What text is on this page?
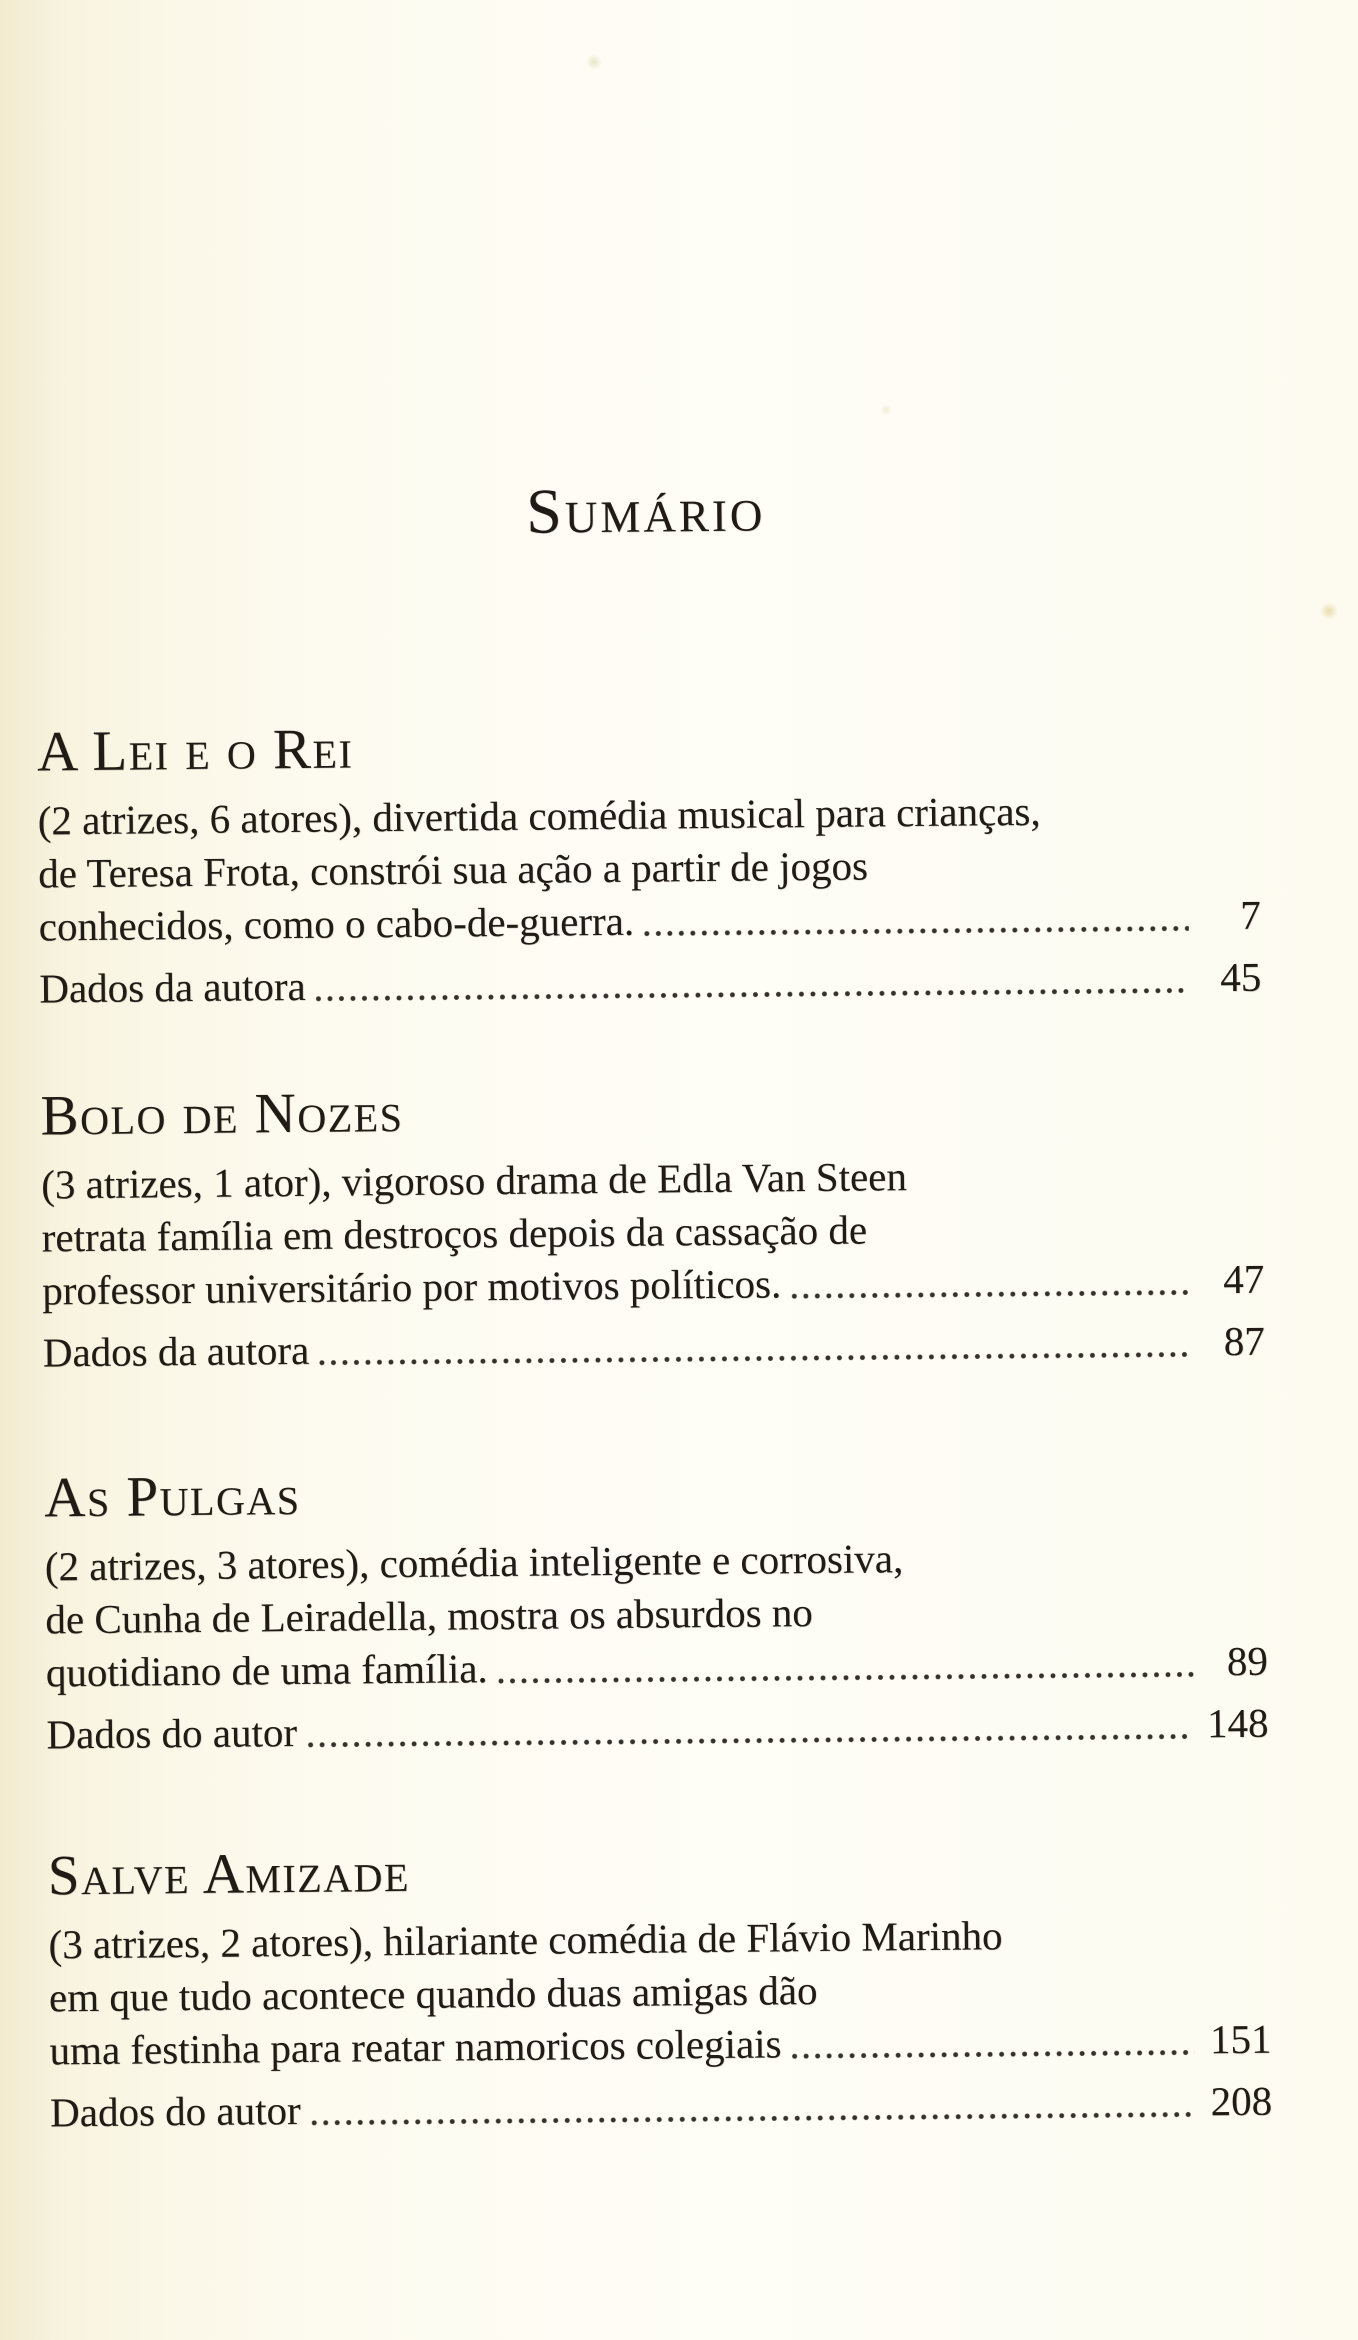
Sumário
A Lei e o Rei
(2 atrizes, 6 atores), divertida comédia musical para crianças,
de Teresa Frota, constrói sua ação a partir de jogos
conhecidos, como o cabo-de-guerra.	7
Dados da autora	45
Bolo de Nozes
(3 atrizes, 1 ator), vigoroso drama de Edla Van Steen
retrata família em destroços depois da cassação de
professor universitário por motivos políticos.	47
Dados da autora	87
As Pulgas
(2 atrizes, 3 atores), comédia inteligente e corrosiva,
de Cunha de Leiradella, mostra os absurdos no
quotidiano de uma família.	89
Dados do autor	148
Salve Amizade
(3 atrizes, 2 atores), hilariante comédia de Flávio Marinho
em que tudo acontece quando duas amigas dão
uma festinha para reatar namoricos colegiais	151
Dados do autor	208
